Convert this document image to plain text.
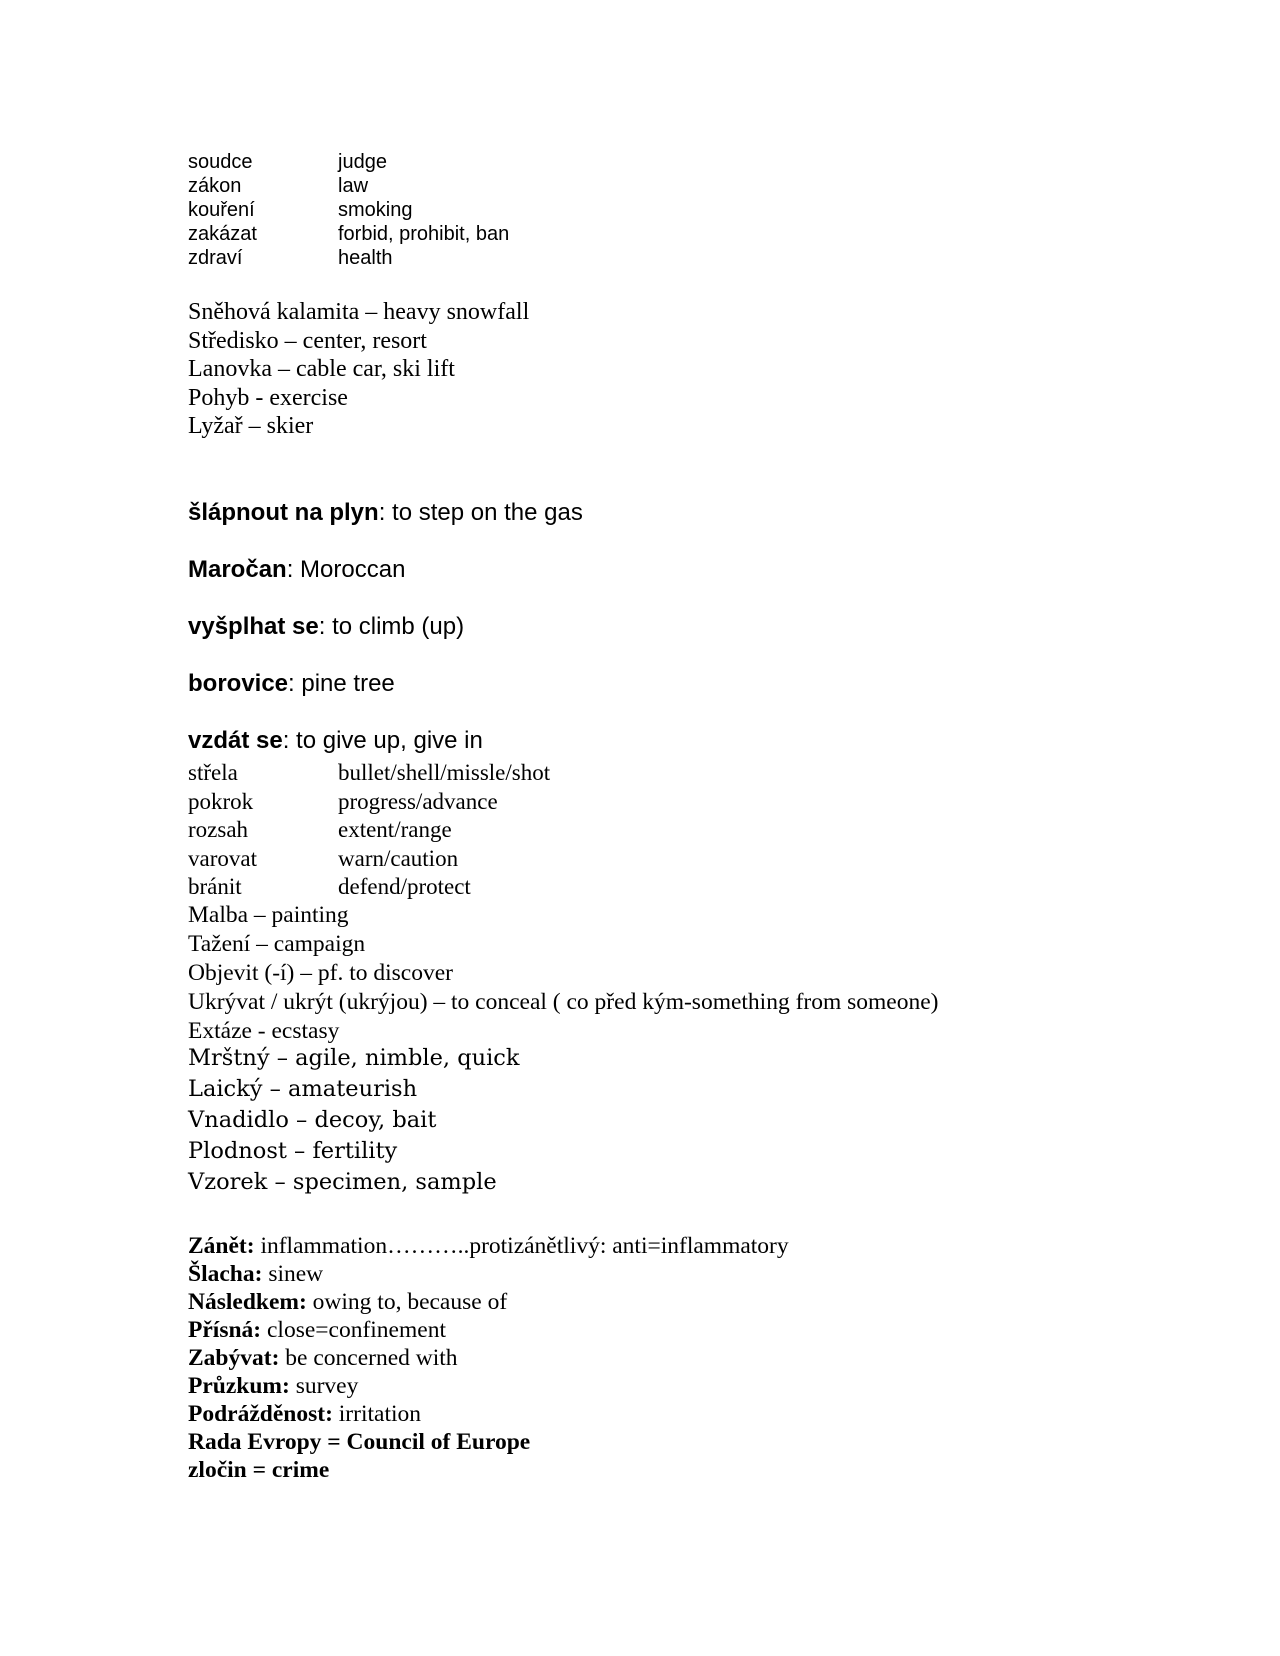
soudce	judge
zákon	law
kouření	smoking
zakázat	forbid, prohibit, ban
zdraví	health
Sněhová kalamita – heavy snowfall
Středisko – center, resort
Lanovka – cable car, ski lift
Pohyb - exercise
Lyžař – skier
šlápnout na plyn: to step on the gas
Maročan: Moroccan
vyšplhat se: to climb (up)
borovice: pine tree
vzdát se: to give up, give in
střela	bullet/shell/missle/shot
pokrok	progress/advance
rozsah	extent/range
varovat	warn/caution
bránit	defend/protect
Malba – painting
Tažení – campaign
Objevit (-í) – pf. to discover
Ukrývat / ukrýt (ukrýjou) – to conceal ( co před kým-something from someone)
Extáze - ecstasy
Mrštný – agile, nimble, quick
Laický – amateurish
Vnadidlo – decoy, bait
Plodnost – fertility
Vzorek – specimen, sample
Zánět: inflammation………..protizánětlivý: anti=inflammatory
Šlacha: sinew
Následkem: owing to, because of
Přísná: close=confinement
Zabývat: be concerned with
Průzkum: survey
Podrážděnost: irritation
Rada Evropy = Council of Europe
zločin = crime
